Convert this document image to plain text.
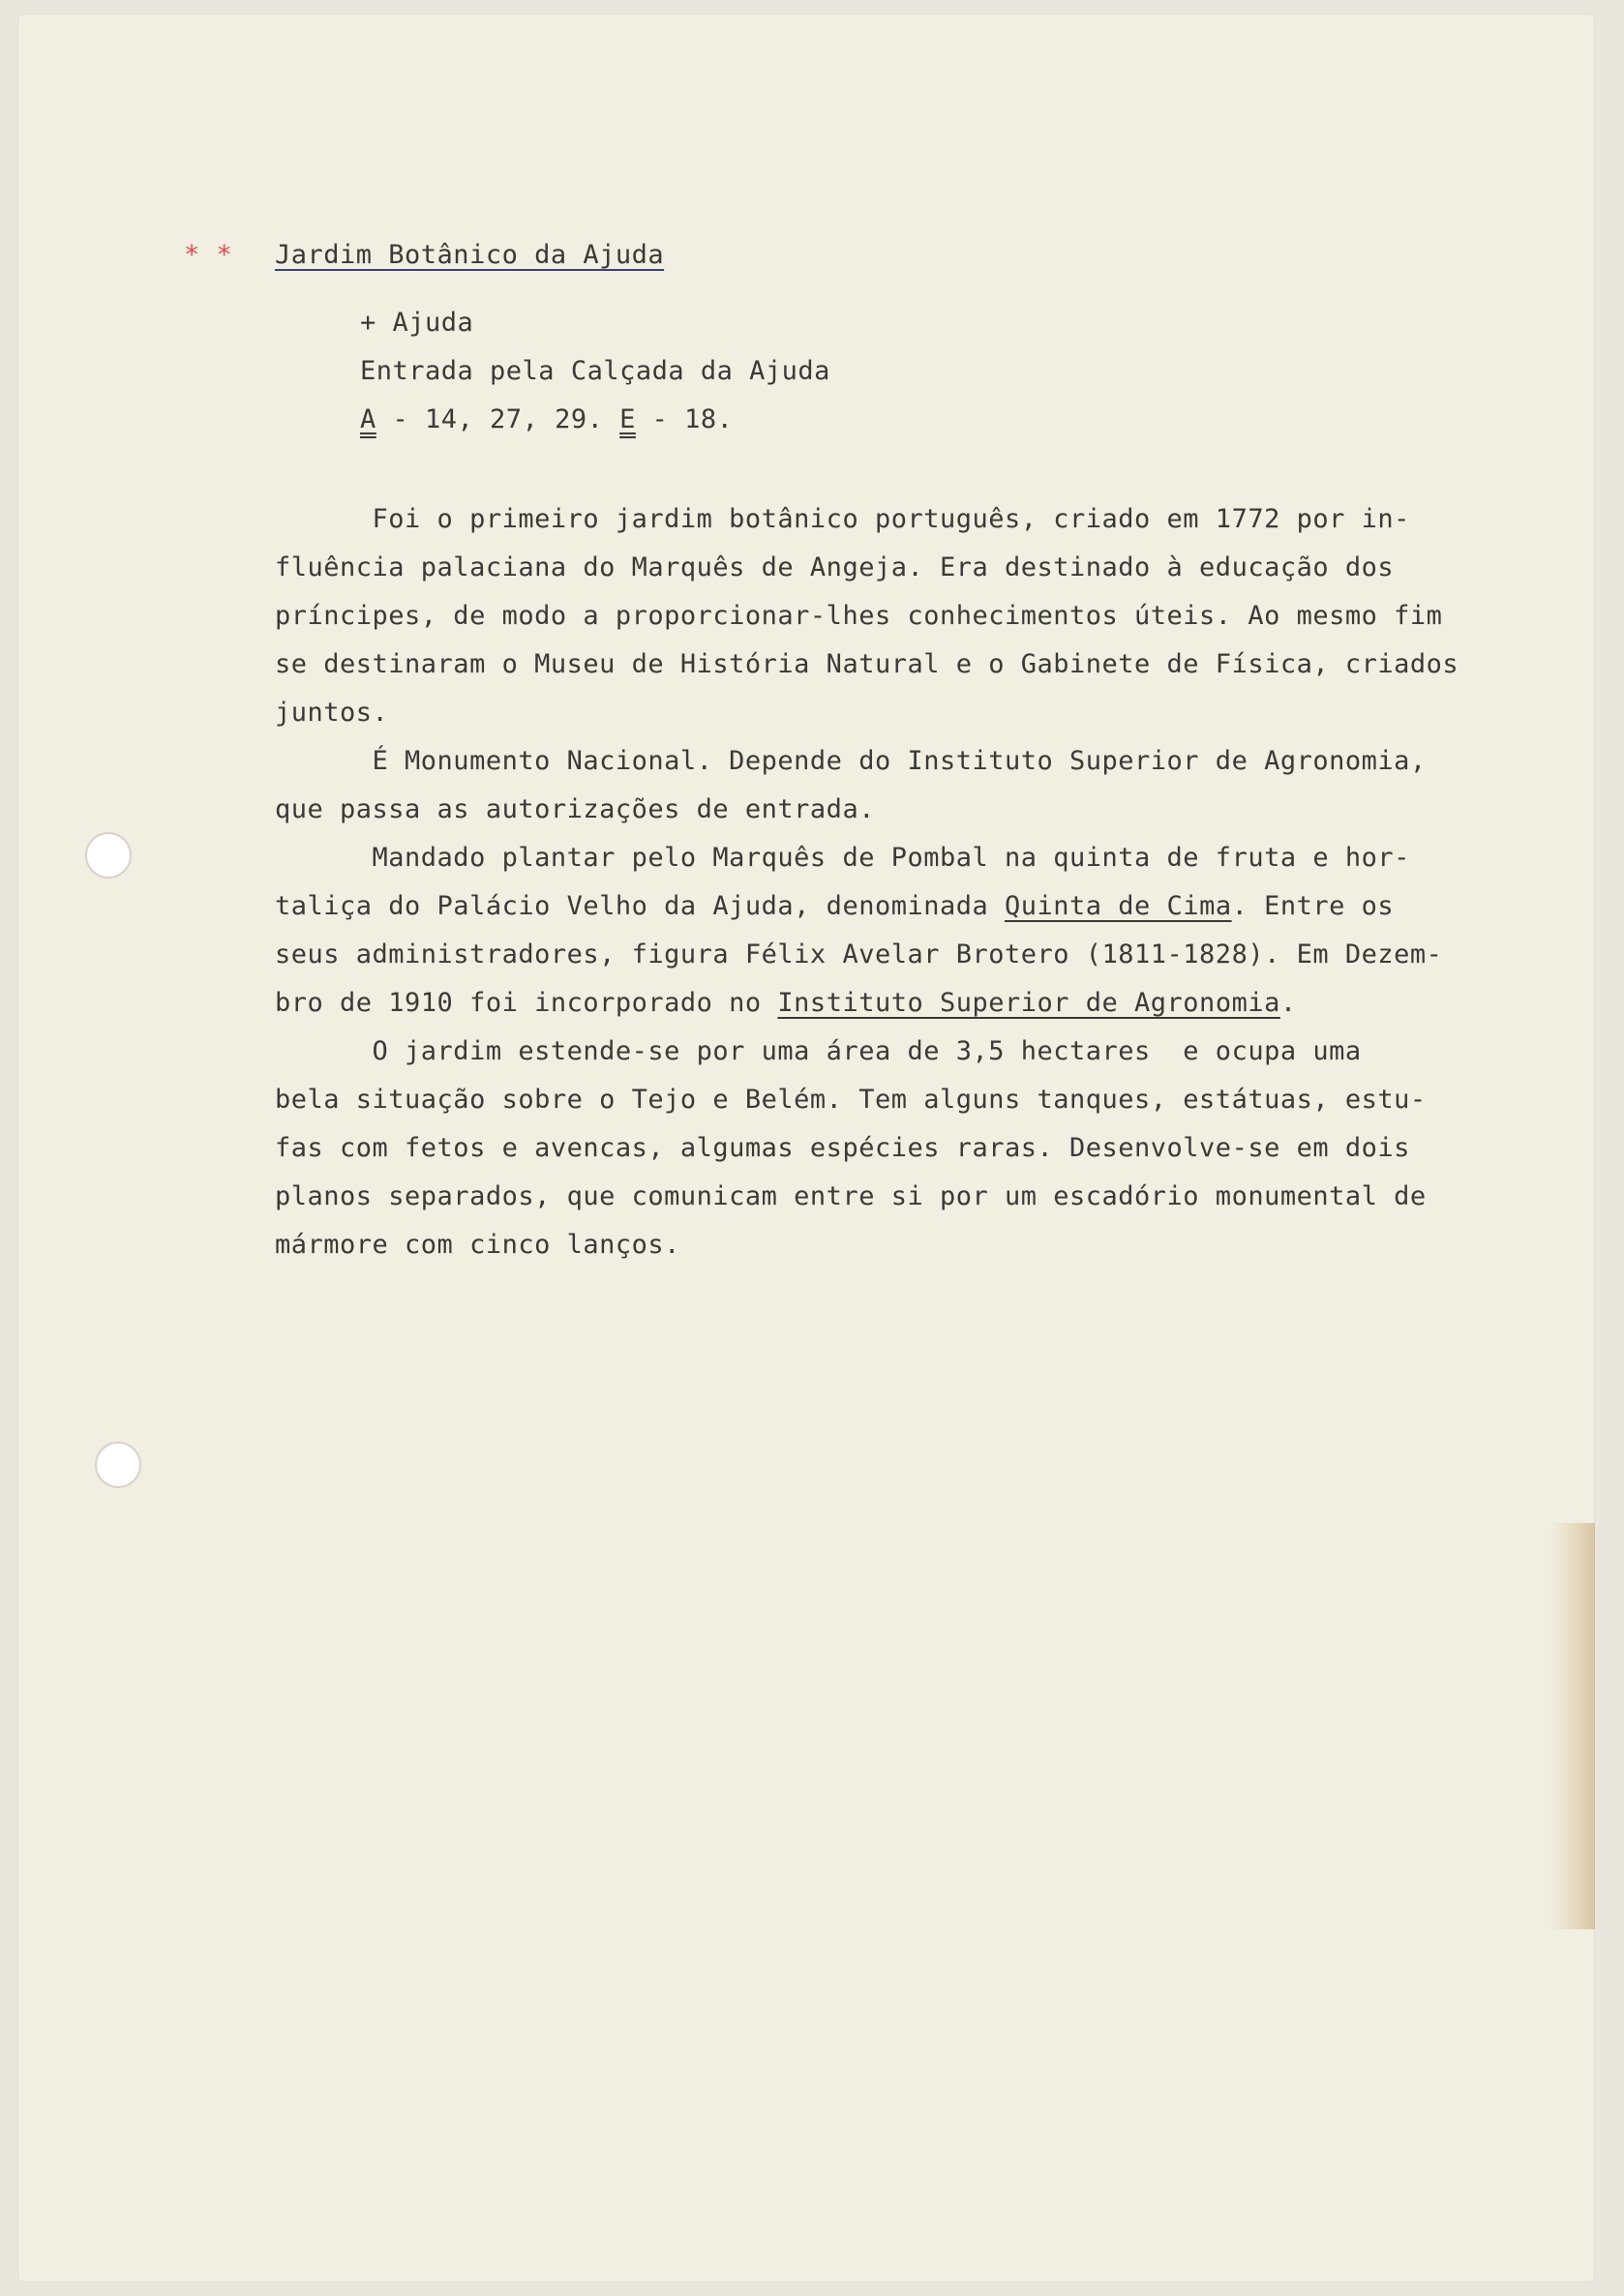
* * Jardim Botânico da Ajuda
+ Ajuda
Entrada pela Calçada da Ajuda
A - 14, 27, 29. E - 18.
Foi o primeiro jardim botânico português, criado em 1772 por in-
fluência palaciana do Marquês de Angeja. Era destinado à educação dos
príncipes, de modo a proporcionar-lhes conhecimentos úteis. Ao mesmo fim
se destinaram o Museu de História Natural e o Gabinete de Física, criados
juntos.
É Monumento Nacional. Depende do Instituto Superior de Agronomia,
que passa as autorizações de entrada.
Mandado plantar pelo Marquês de Pombal na quinta de fruta e hor-
taliça do Palácio Velho da Ajuda, denominada Quinta de Cima. Entre os
seus administradores, figura Félix Avelar Brotero (1811-1828). Em Dezem-
bro de 1910 foi incorporado no Instituto Superior de Agronomia.
O jardim estende-se por uma área de 3,5 hectares  e ocupa uma
bela situação sobre o Tejo e Belém. Tem alguns tanques, estátuas, estu-
fas com fetos e avencas, algumas espécies raras. Desenvolve-se em dois
planos separados, que comunicam entre si por um escadório monumental de
mármore com cinco lanços.
